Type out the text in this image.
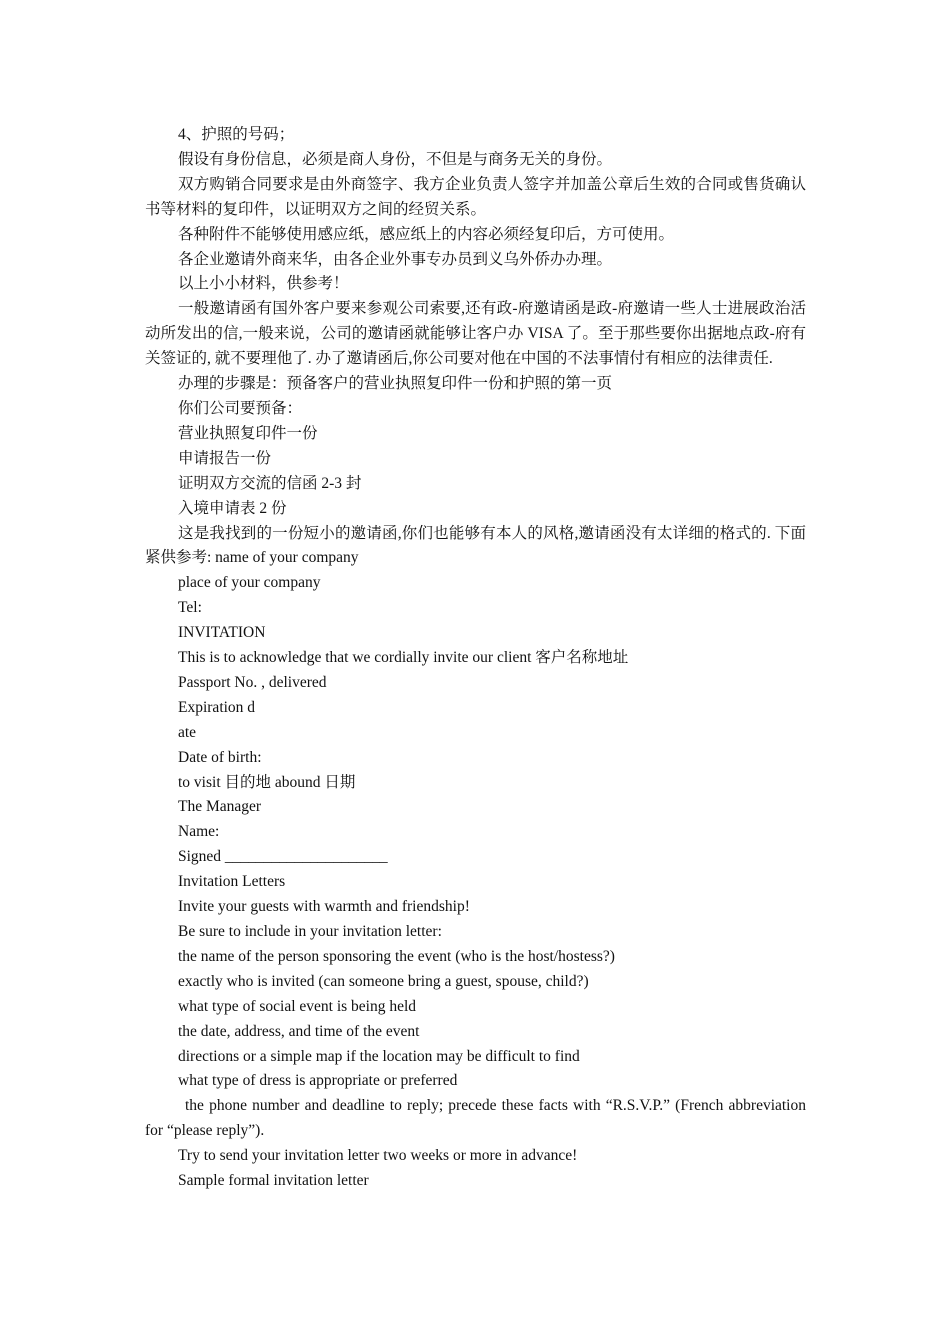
4、护照的号码；

假设有身份信息，必须是商人身份，不但是与商务无关的身份。

双方购销合同要求是由外商签字、我方企业负责人签字并加盖公章后生效的合同或售货确认书等材料的复印件，以证明双方之间的经贸关系。

各种附件不能够使用感应纸，感应纸上的内容必须经复印后，方可使用。

各企业邀请外商来华，由各企业外事专办员到义乌外侨办办理。

以上小小材料，供参考！

一般邀请函有国外客户要来参观公司索要,还有政-府邀请函是政-府邀请一些人士进展政治活动所发出的信,一般来说，公司的邀请函就能够让客户办 VISA 了。至于那些要你出据地点政-府有关签证的, 就不要理他了. 办了邀请函后,你公司要对他在中国的不法事情付有相应的法律责任.

办理的步骤是：预备客户的营业执照复印件一份和护照的第一页

你们公司要预备：

营业执照复印件一份

申请报告一份

证明双方交流的信函 2-3 封

入境申请表 2 份

这是我找到的一份短小的邀请函,你们也能够有本人的风格,邀请函没有太详细的格式的. 下面紧供参考: name of your company

place of your company

Tel:

INVITATION

This is to acknowledge that we cordially invite our client 客户名称地址

Passport No. , delivered

Expiration d

ate

Date of birth:

to visit 目的地 abound 日期

The Manager

Name:

Signed _____________________

Invitation Letters

Invite your guests with warmth and friendship!

Be sure to include in your invitation letter:

the name of the person sponsoring the event (who is the host/hostess?)

exactly who is invited (can someone bring a guest, spouse, child?)

what type of social event is being held

the date, address, and time of the event

directions or a simple map if the location may be difficult to find

what type of dress is appropriate or preferred

the phone number and deadline to reply; precede these facts with “R.S.V.P.” (French abbreviation for “please reply”).

Try to send your invitation letter two weeks or more in advance!

Sample formal invitation letter
